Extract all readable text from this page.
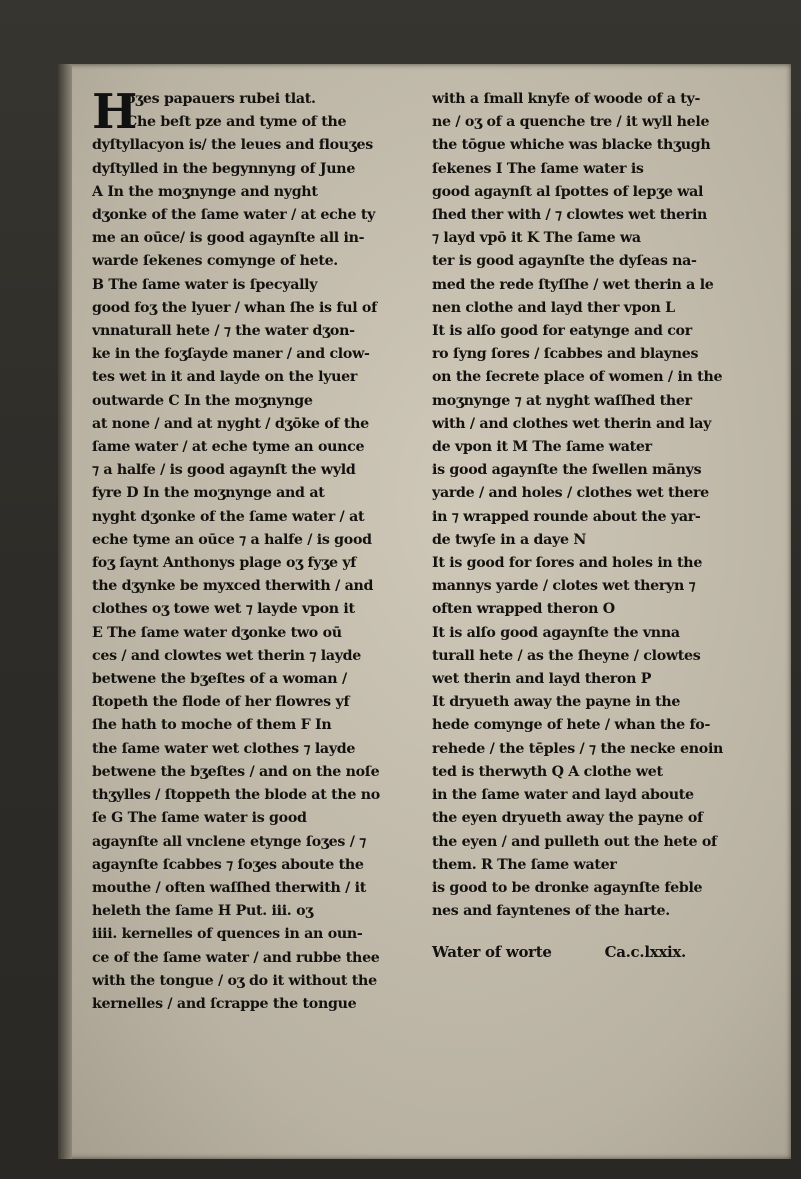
H
oʒes papauers rubei tlat.
Che beſt pze and tyme of the
dyſtyllacyon is/ the leues and flouʒes
dyſtylled in the begynnyng of June
A In the moʒnynge and nyght
dʒonke of the ſame water / at eche ty
me an oūce/ is good agaynſte all in-
warde ſekenes comynge of hete.
B The ſame water is ſpecyally
good foʒ the lyuer / whan ſhe is ful of
vnnaturall hete / ⁊ the water dʒon-
ke in the foʒſayde maner / and clow-
tes wet in it and layde on the lyuer
outwarde C In the moʒnynge
at none / and at nyght / dʒōke of the
ſame water / at eche tyme an ounce
⁊ a halfe / is good agaynſt the wyld
fyre D In the moʒnynge and at
nyght dʒonke of the ſame water / at
eche tyme an oūce ⁊ a halfe / is good
foʒ ſaynt Anthonys plage oʒ fyʒe yf
the dʒynke be myxced therwith / and
clothes oʒ towe wet ⁊ layde vpon it
E The ſame water dʒonke two oū
ces / and clowtes wet therin ⁊ layde
betwene the bʒeſtes of a woman /
ſtopeth the flode of her flowres yf
ſhe hath to moche of them F In
the ſame water wet clothes ⁊ layde
betwene the bʒeſtes / and on the noſe
thʒylles / ſtoppeth the blode at the no
ſe G The ſame water is good
agaynſte all vnclene etynge ſoʒes / ⁊
agaynſte ſcabbes ⁊ ſoʒes aboute the
mouthe / often waſſhed therwith / it
heleth the ſame H Put. iii. oʒ
iiii. kernelles of quences in an oun-
ce of the ſame water / and rubbe thee
with the tongue / oʒ do it without the
kernelles / and ſcrappe the tongue
with a ſmall knyfe of woode of a ty-
ne / oʒ of a quenche tre / it wyll hele
the tōgue whiche was blacke thʒugh
ſekenes I The ſame water is
good agaynſt al ſpottes of lepʒe wal
ſhed ther with / ⁊ clowtes wet therin
⁊ layd vpō it K The ſame wa
ter is good agaynſte the dyſeas na-
med the rede ſtyſſhe / wet therin a le
nen clothe and layd ther vpon L
It is alſo good for eatynge and cor
ro ſyng ſores / ſcabbes and blaynes
on the ſecrete place of women / in the
moʒnynge ⁊ at nyght waſſhed ther
with / and clothes wet therin and lay
de vpon it M The ſame water
is good agaynſte the ſwellen mānys
yarde / and holes / clothes wet there
in ⁊ wrapped rounde about the yar-
de twyſe in a daye N
It is good for ſores and holes in the
mannys yarde / clotes wet theryn ⁊
often wrapped theron O
It is alſo good agaynſte the vnna
turall hete / as the ſheyne / clowtes
wet therin and layd theron P
It dryueth away the payne in the
hede comynge of hete / whan the fo-
rehede / the tēples / ⁊ the necke enoin
ted is therwyth Q A clothe wet
in the ſame water and layd aboute
the eyen dryueth away the payne of
the eyen / and pulleth out the hete of
them. R The ſame water
is good to be dronke agaynſte feble
nes and fayntenes of the harte.
Water of worte	Ca.c.lxxix.
